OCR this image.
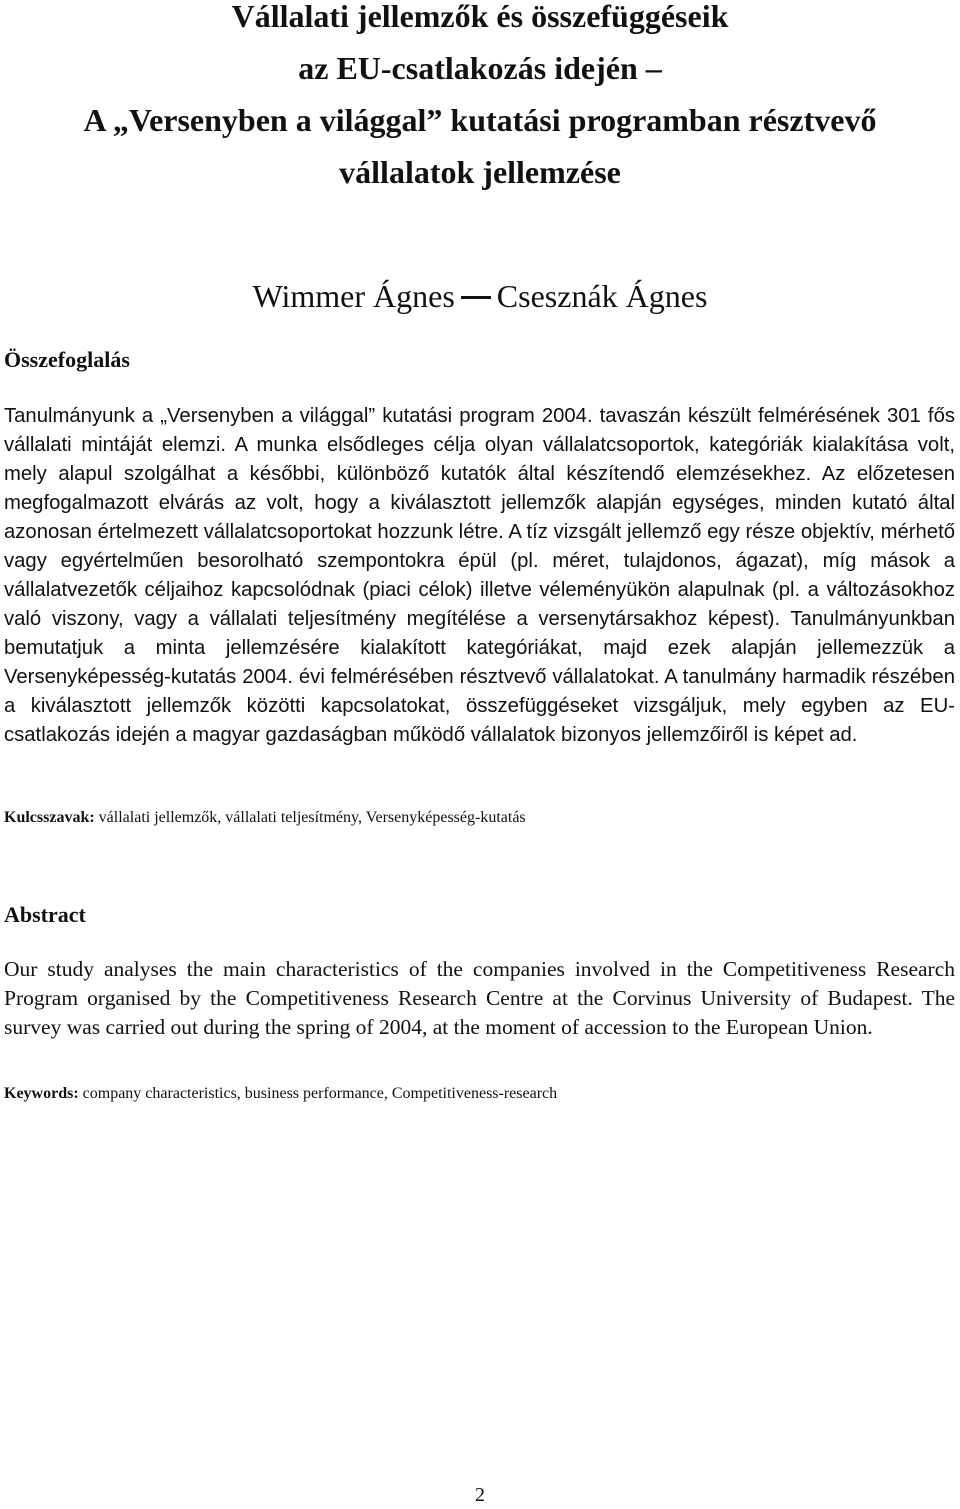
Vállalati jellemzők és összefüggéseik
az EU-csatlakozás idején –
A „Versenyben a világgal” kutatási programban résztvevő
vállalatok jellemzése
Wimmer Ágnes Csesznák Ágnes
Összefoglalás

Tanulmányunk a „Versenyben a világgal” kutatási program 2004. tavaszán készült felmérésének 301 fős vállalati mintáját elemzi. A munka elsődleges célja olyan vállalatcsoportok, kategóriák kialakítása volt, mely alapul szolgálhat a későbbi, különböző kutatók által készítendő elemzésekhez. Az előzetesen megfogalmazott elvárás az volt, hogy a kiválasztott jellemzők alapján egységes, minden kutató által azonosan értelmezett vállalatcsoportokat hozzunk létre. A tíz vizsgált jellemző egy része objektív, mérhető vagy egyértelműen besorolható szempontokra épül (pl. méret, tulajdonos, ágazat), míg mások a vállalatvezetők céljaihoz kapcsolódnak (piaci célok) illetve véleményükön alapulnak (pl. a változásokhoz való viszony, vagy a vállalati teljesítmény megítélése a versenytársakhoz képest). Tanulmányunkban bemutatjuk a minta jellemzésére kialakított kategóriákat, majd ezek alapján jellemezzük a Versenyképesség-kutatás 2004. évi felmérésében résztvevő vállalatokat. A tanulmány harmadik részében a kiválasztott jellemzők közötti kapcsolatokat, összefüggéseket vizsgáljuk, mely egyben az EU-csatlakozás idején a magyar gazdaságban működő vállalatok bizonyos jellemzőiről is képet ad.

Kulcsszavak: vállalati jellemzők, vállalati teljesítmény, Versenyképesség-kutatás
Abstract

Our study analyses the main characteristics of the companies involved in the Competitiveness Research Program organised by the Competitiveness Research Centre at the Corvinus University of Budapest. The survey was carried out during the spring of 2004, at the moment of accession to the European Union.

Keywords: company characteristics, business performance, Competitiveness-research
2
